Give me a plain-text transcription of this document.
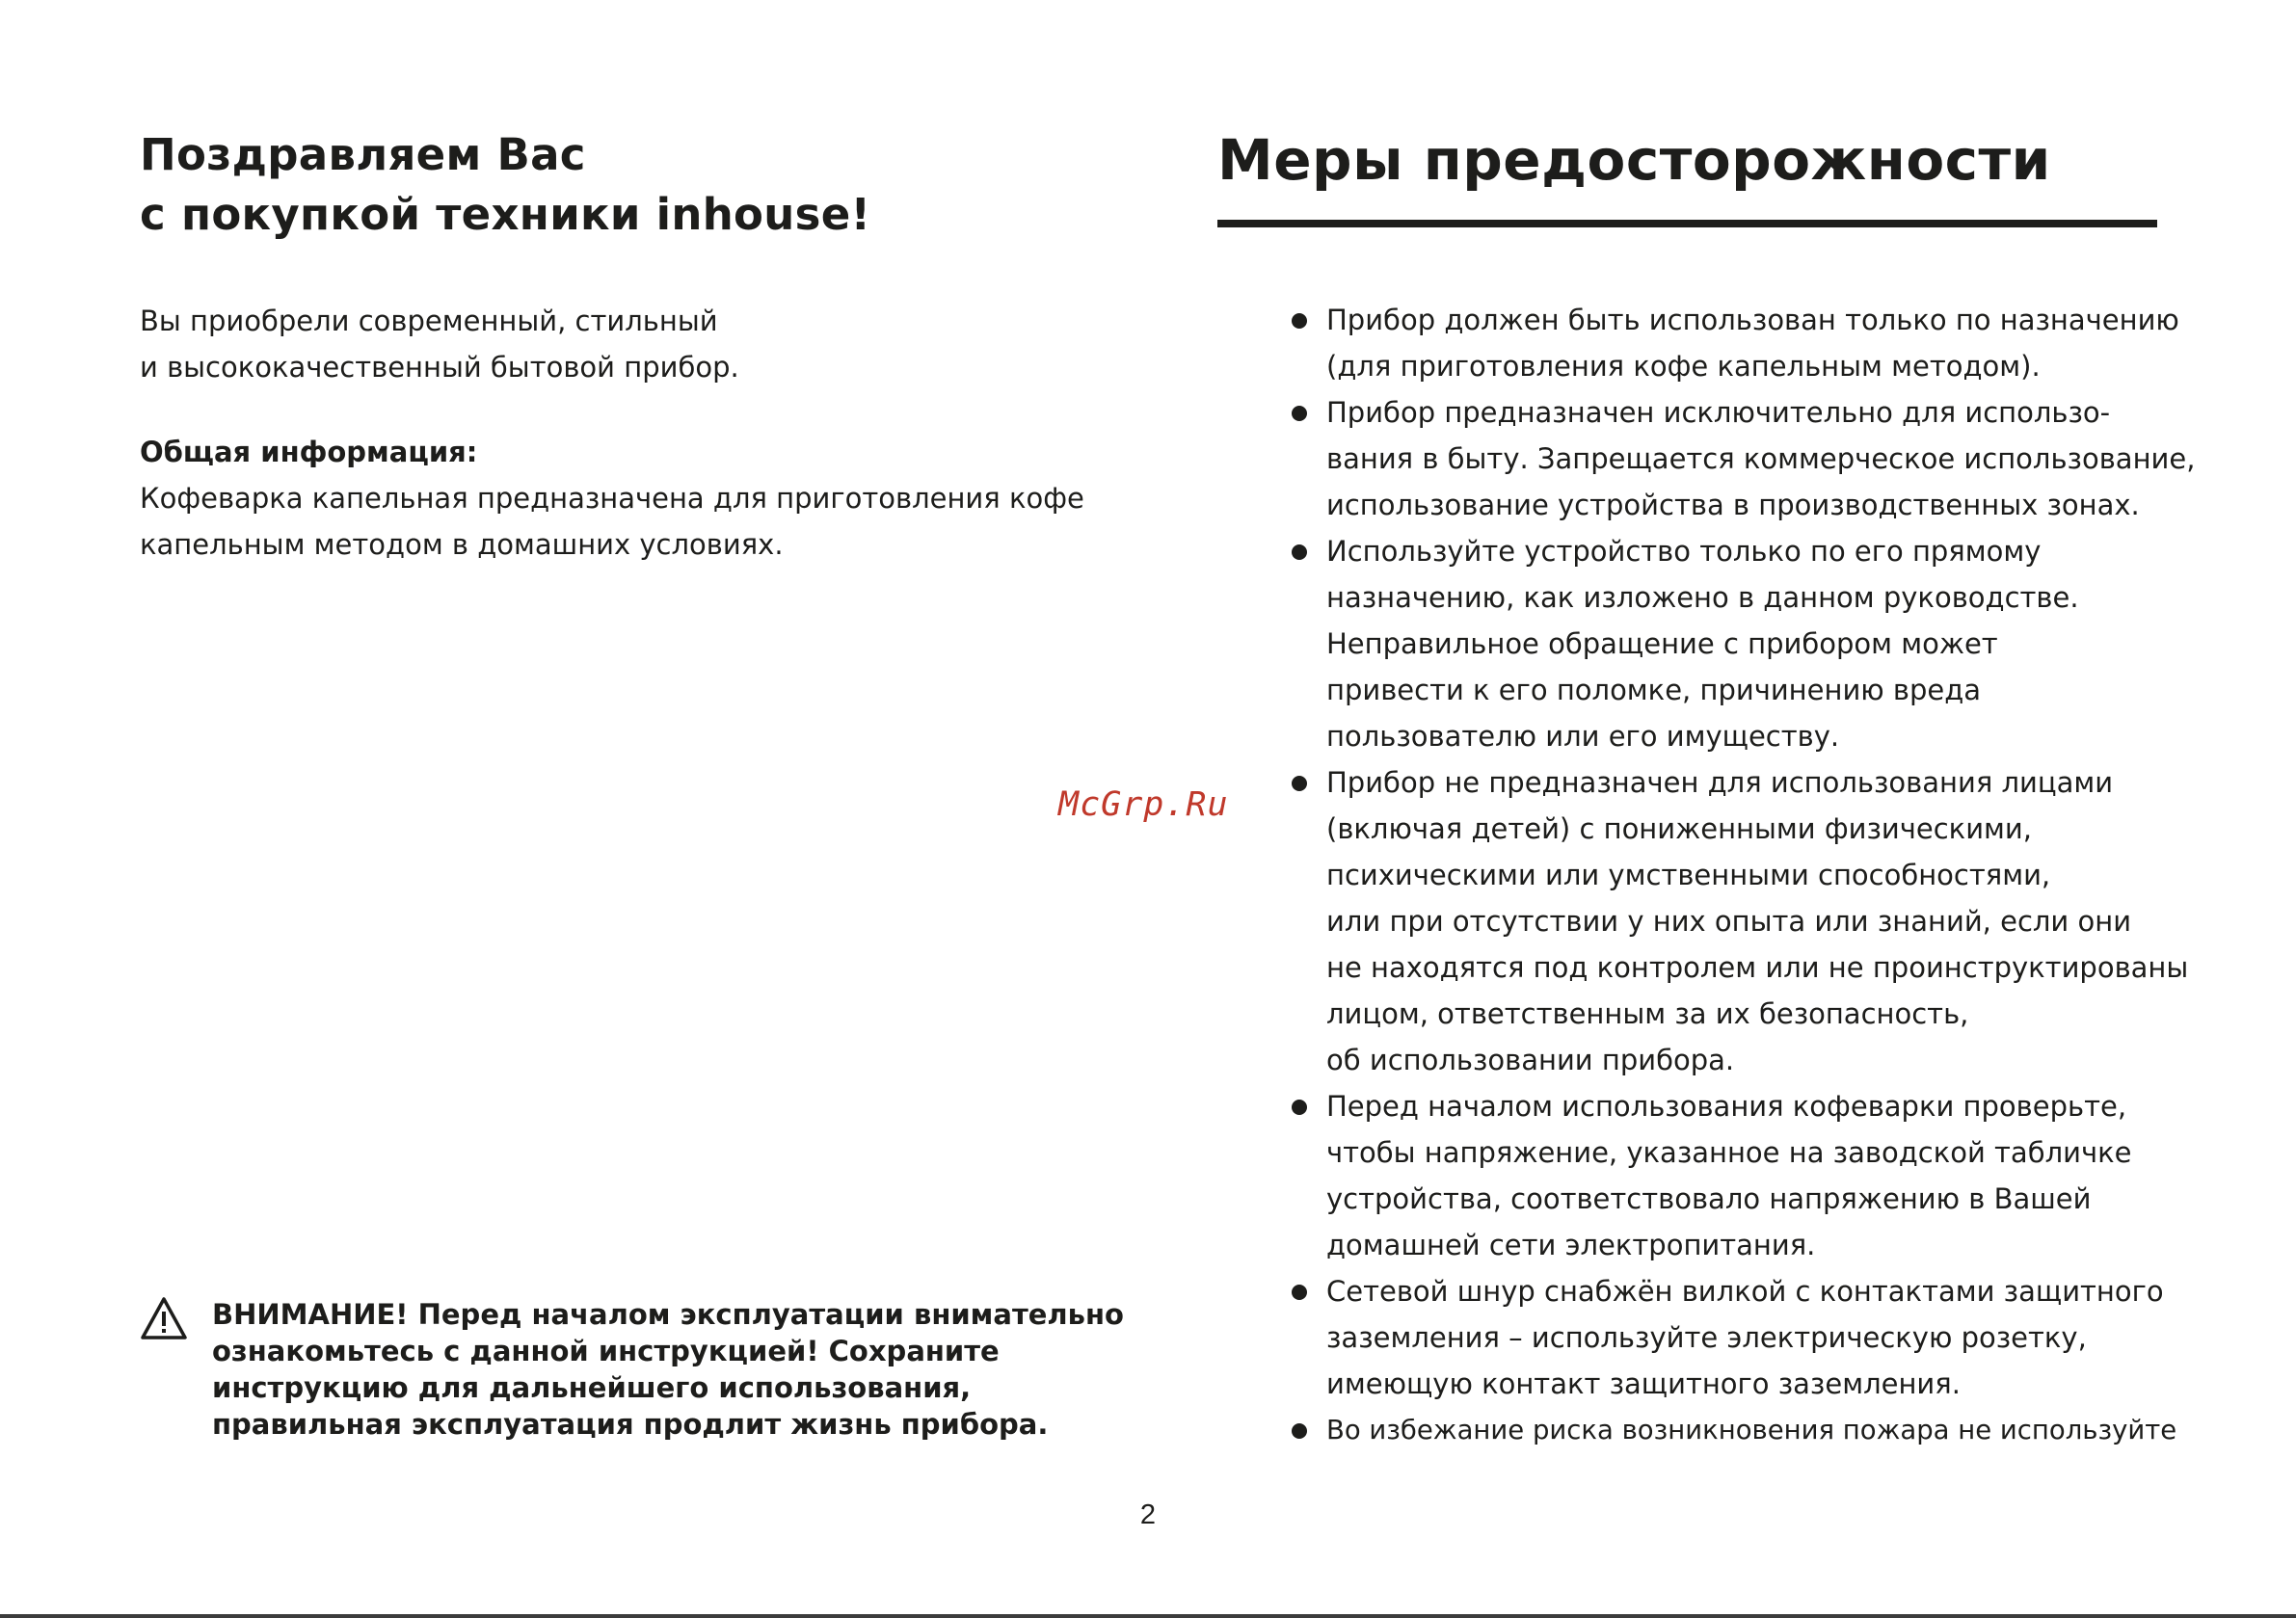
Поздравляем Вас
с покупкой техники inhouse!
Вы приобрели современный, стильный
и высококачественный бытовой прибор.
Общая информация:
Кофеварка капельная предназначена для приготовления кофе
капельным методом в домашних условиях.
ВНИМАНИЕ! Перед началом эксплуатации внимательно
ознакомьтесь с данной инструкцией! Сохраните
инструкцию для дальнейшего использования,
правильная эксплуатация продлит жизнь прибора.
Меры предосторожности
Прибор должен быть использован только по назначению
(для приготовления кофе капельным методом).
Прибор предназначен исключительно для использо-
вания в быту. Запрещается коммерческое использование,
использование устройства в производственных зонах.
Используйте устройство только по его прямому
назначению, как изложено в данном руководстве.
Неправильное обращение с прибором может
привести к его поломке, причинению вреда
пользователю или его имуществу.
Прибор не предназначен для использования лицами
(включая детей) с пониженными физическими,
психическими или умственными способностями,
или при отсутствии у них опыта или знаний, если они
не находятся под контролем или не проинструктированы
лицом, ответственным за их безопасность,
об использовании прибора.
Перед началом использования кофеварки проверьте,
чтобы напряжение, указанное на заводской табличке
устройства, соответствовало напряжению в Вашей
домашней сети электропитания.
Сетевой шнур снабжён вилкой с контактами защитного
заземления – используйте электрическую розетку,
имеющую контакт защитного заземления.
Во избежание риска возникновения пожара не используйте
McGrp.Ru
2
